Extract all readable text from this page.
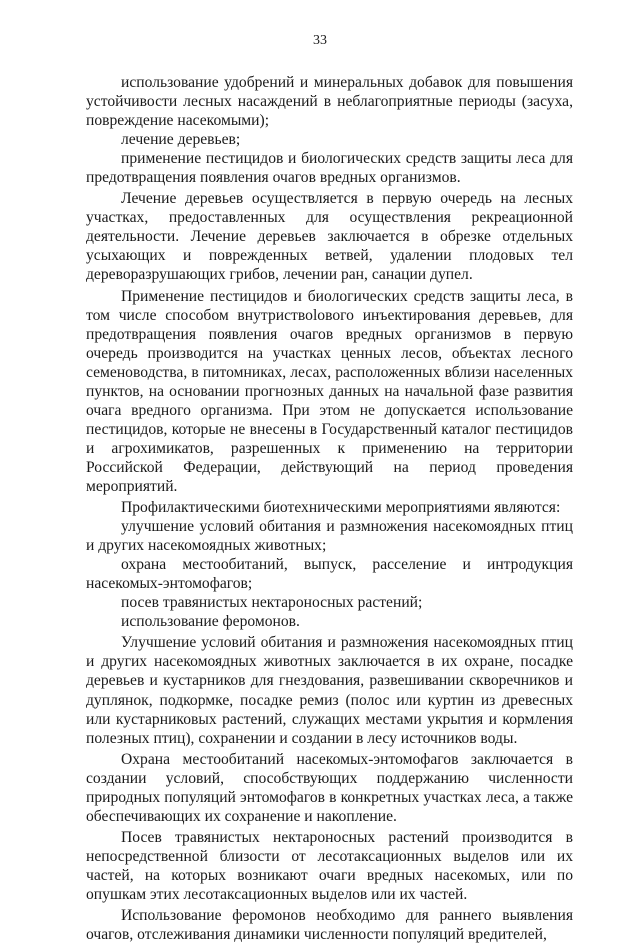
33

использование удобрений и минеральных добавок для повышения устойчивости лесных насаждений в неблагоприятные периоды (засуха, повреждение насекомыми);

лечение деревьев;

применение пестицидов и биологических средств защиты леса для предотвращения появления очагов вредных организмов.

Лечение деревьев осуществляется в первую очередь на лесных участках, предоставленных для осуществления рекреационной деятельности. Лечение деревьев заключается в обрезке отдельных усыхающих и поврежденных ветвей, удалении плодовых тел дереворазрушающих грибов, лечении ран, санации дупел.

Применение пестицидов и биологических средств защиты леса, в том числе способом внутриствolового инъектирования деревьев, для предотвращения появления очагов вредных организмов в первую очередь производится на участках ценных лесов, объектах лесного семеноводства, в питомниках, лесах, расположенных вблизи населенных пунктов, на основании прогнозных данных на начальной фазе развития очага вредного организма. При этом не допускается использование пестицидов, которые не внесены в Государственный каталог пестицидов и агрохимикатов, разрешенных к применению на территории Российской Федерации, действующий на период проведения мероприятий.

Профилактическими биотехническими мероприятиями являются:

улучшение условий обитания и размножения насекомоядных птиц и других насекомоядных животных;

охрана местообитаний, выпуск, расселение и интродукция насекомых-энтомофагов;

посев травянистых нектароносных растений;

использование феромонов.

Улучшение условий обитания и размножения насекомоядных птиц и других насекомоядных животных заключается в их охране, посадке деревьев и кустарников для гнездования, развешивании скворечников и дуплянок, подкормке, посадке ремиз (полос или куртин из древесных или кустарниковых растений, служащих местами укрытия и кормления полезных птиц), сохранении и создании в лесу источников воды.

Охрана местообитаний насекомых-энтомофагов заключается в создании условий, способствующих поддержанию численности природных популяций энтомофагов в конкретных участках леса, а также обеспечивающих их сохранение и накопление.

Посев травянистых нектароносных растений производится в непосредственной близости от лесотаксационных выделов или их частей, на которых возникают очаги вредных насекомых, или по опушкам этих лесотаксационных выделов или их частей.

Использование феромонов необходимо для раннего выявления очагов, отслеживания динамики численности популяций вредителей,
